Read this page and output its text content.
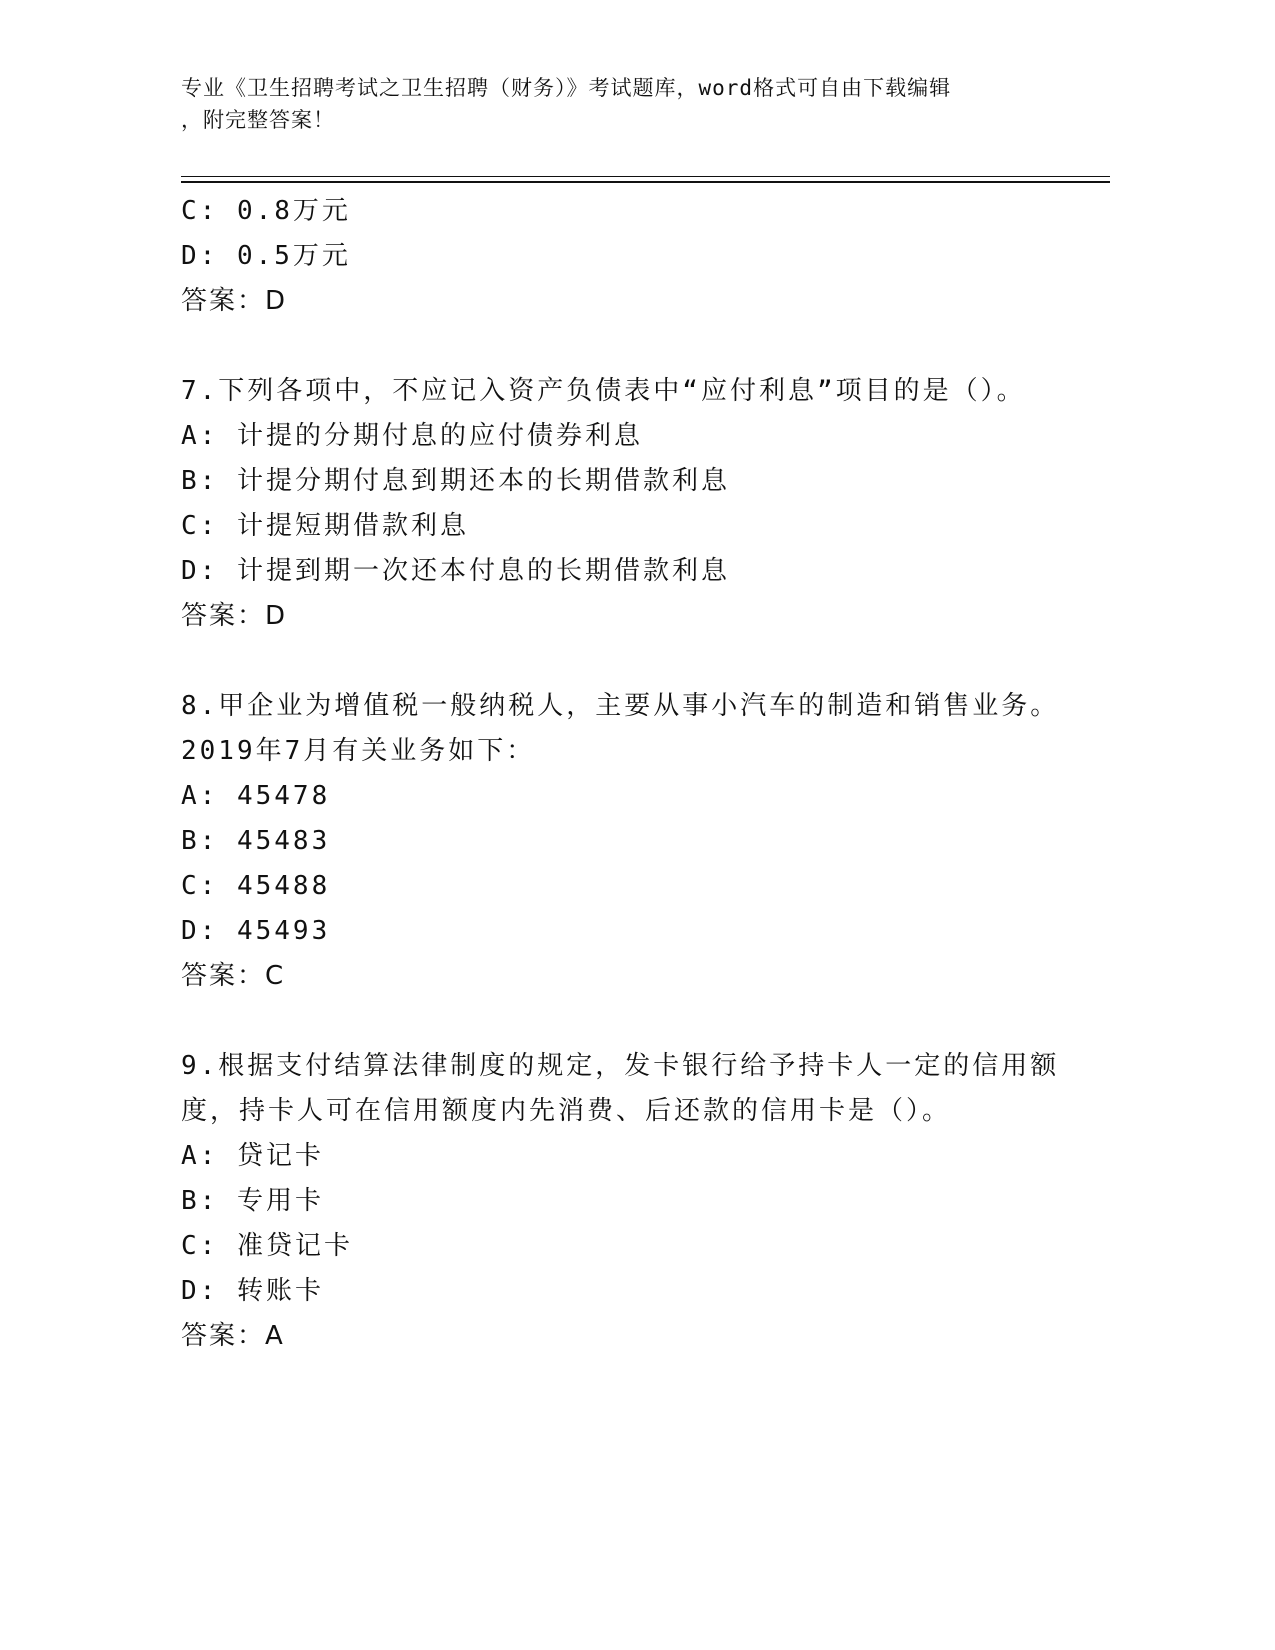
专业《卫生招聘考试之卫生招聘（财务）》考试题库，word格式可自由下载编辑
，附完整答案！
C: 0.8万元
D: 0.5万元
答案：D
7.下列各项中，不应记入资产负债表中“应付利息”项目的是（）。
A: 计提的分期付息的应付债券利息
B: 计提分期付息到期还本的长期借款利息
C: 计提短期借款利息
D: 计提到期一次还本付息的长期借款利息
答案：D
8.甲企业为增值税一般纳税人，主要从事小汽车的制造和销售业务。
2019年7月有关业务如下：
A: 45478
B: 45483
C: 45488
D: 45493
答案：C
9.根据支付结算法律制度的规定，发卡银行给予持卡人一定的信用额
度，持卡人可在信用额度内先消费、后还款的信用卡是（）。
A: 贷记卡
B: 专用卡
C: 准贷记卡
D: 转账卡
答案：A
